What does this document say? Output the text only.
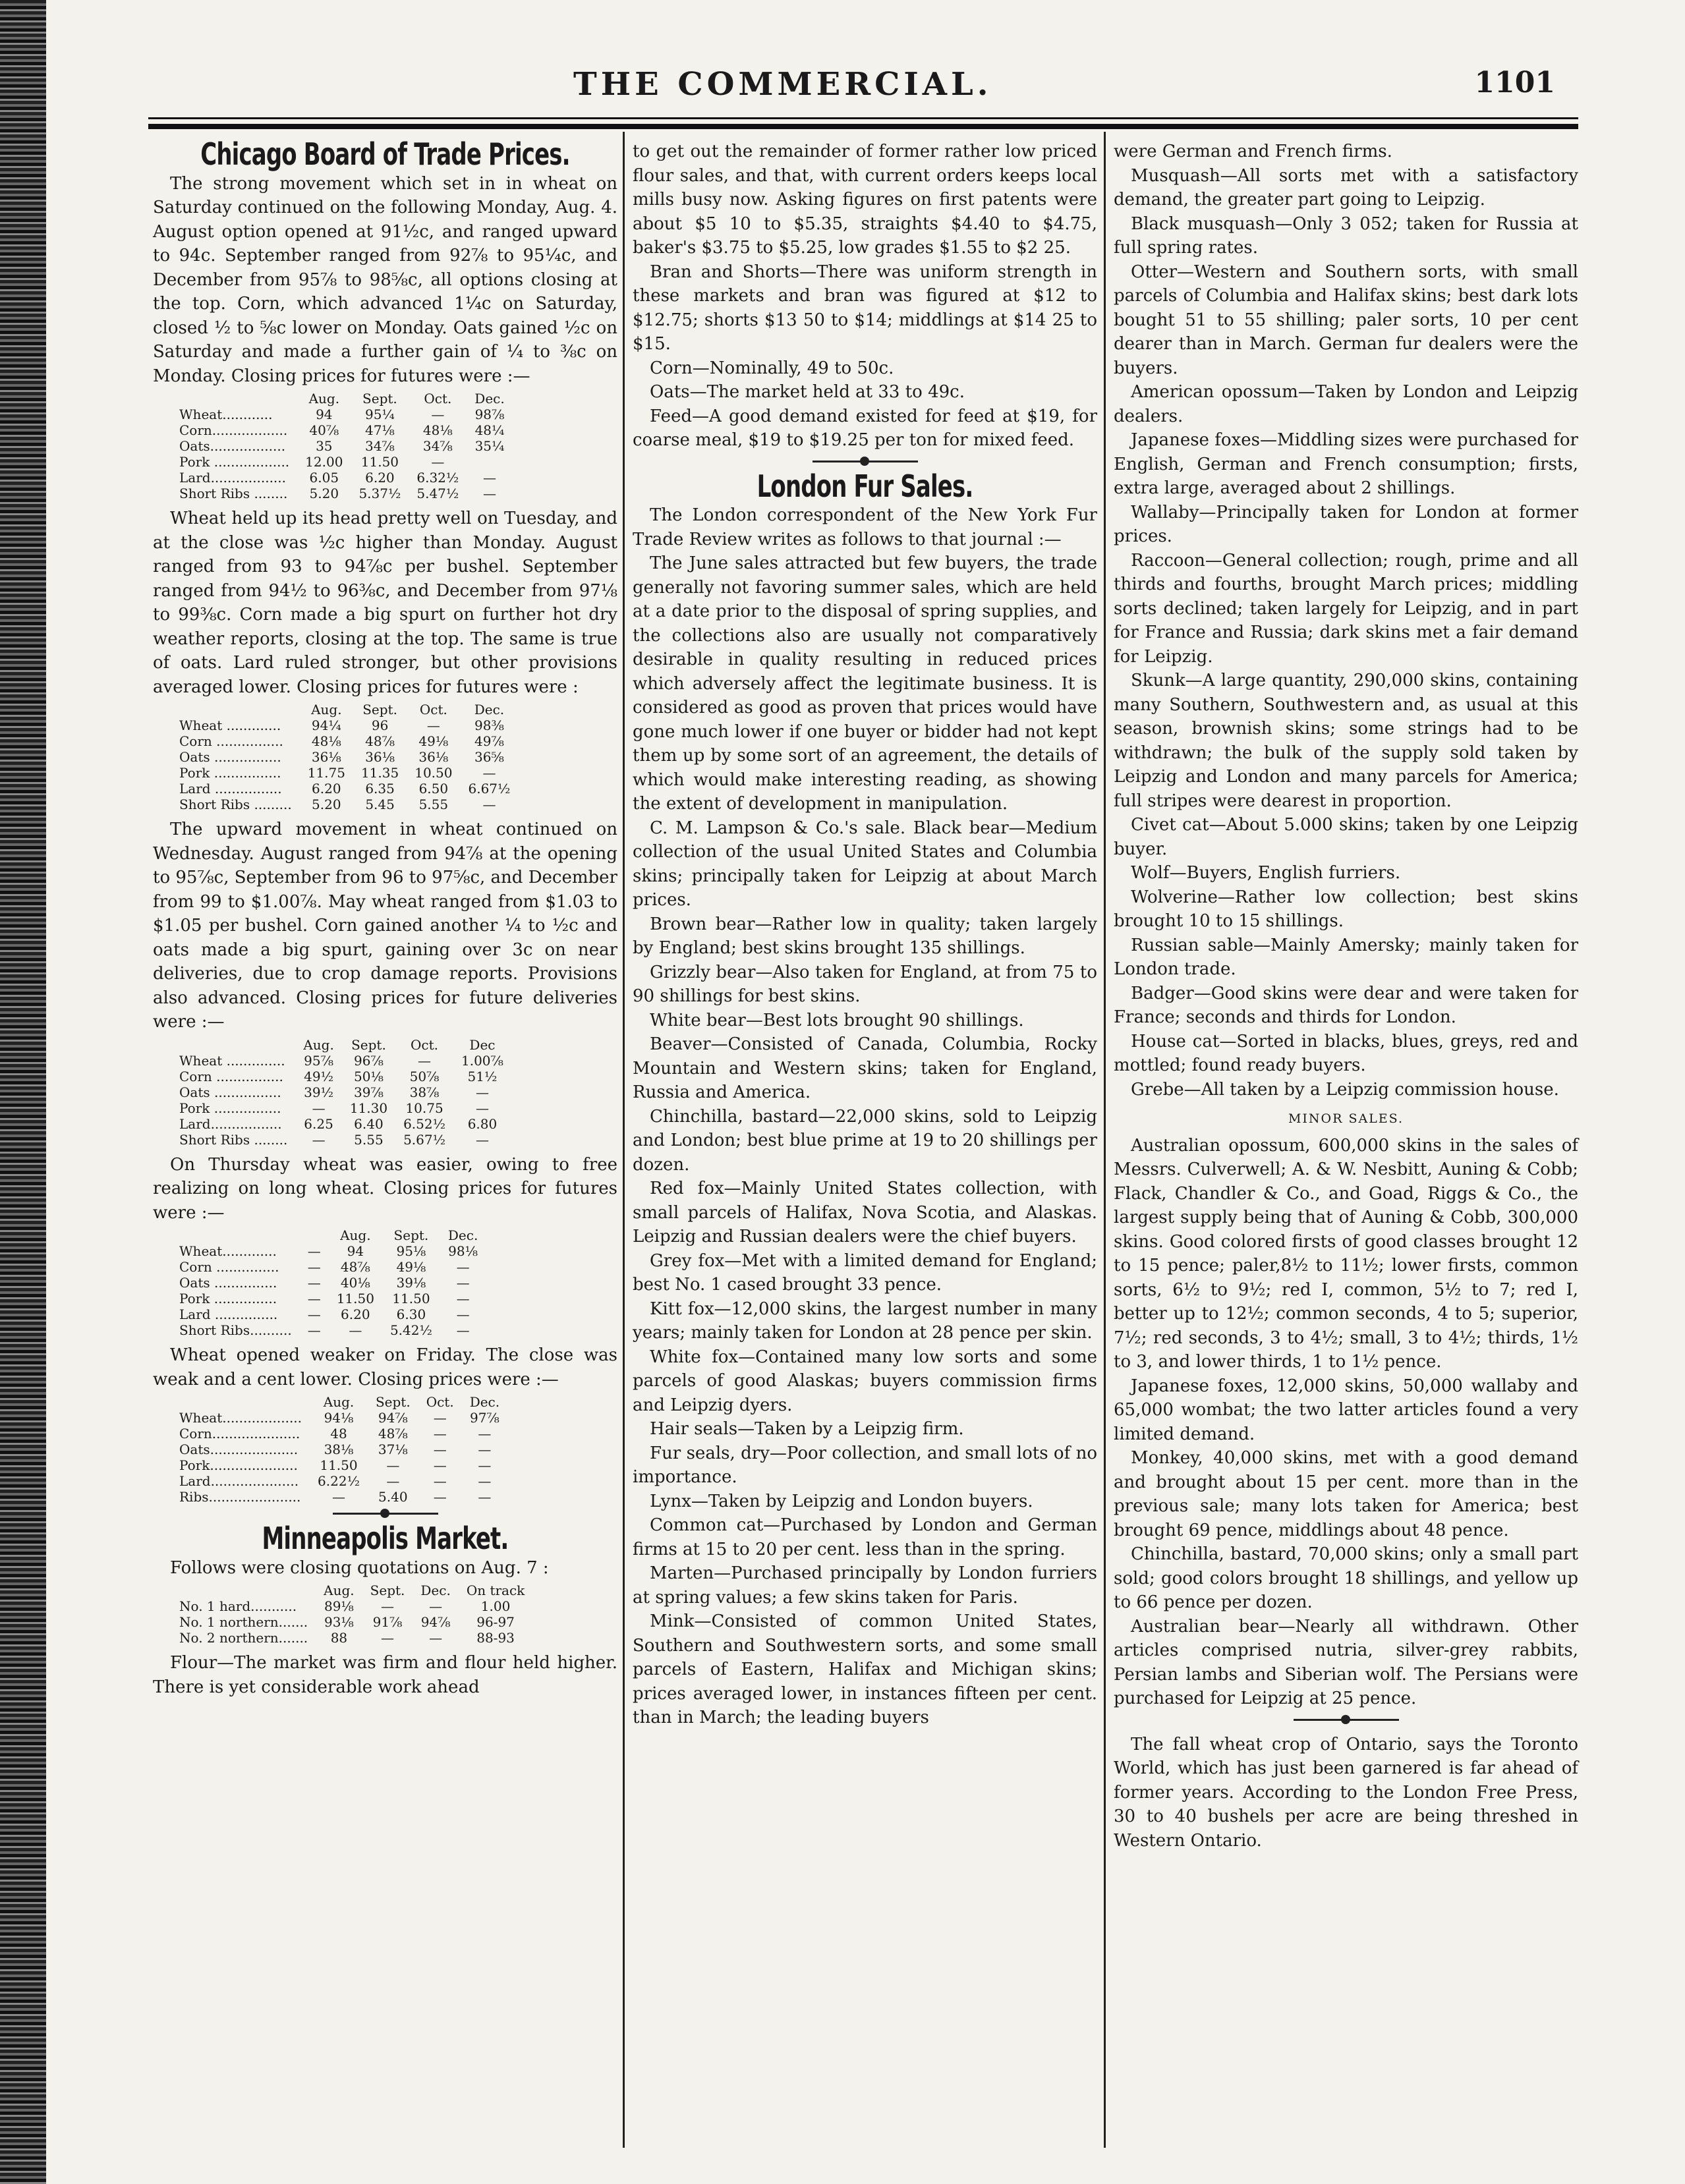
THE COMMERCIAL.	1101
Chicago Board of Trade Prices.

The strong movement which set in in wheat on Saturday continued on the following Monday, Aug. 4. August option opened at 91½c, and ranged upward to 94c. September ranged from 92⅞ to 95¼c, and December from 95⅞ to 98⅝c, all options closing at the top. Corn, which advanced 1¼c on Saturday, closed ½ to ⅝c lower on Monday. Oats gained ½c on Saturday and made a further gain of ¼ to ⅜c on Monday. Closing prices for futures were :—

	Aug.	Sept.	Oct.	Dec.
Wheat............	94	95¼	—	98⅞
Corn..................	40⅞	47⅛	48⅛	48¼
Oats..................	35	34⅞	34⅞	35¼
Pork ..................	12.00	11.50	—	
Lard..................	6.05	6.20	6.32½	—
Short Ribs ........	5.20	5.37½	5.47½	—

Wheat held up its head pretty well on Tuesday, and at the close was ½c higher than Monday. August ranged from 93 to 94⅞c per bushel. September ranged from 94½ to 96⅜c, and December from 97⅛ to 99⅜c. Corn made a big spurt on further hot dry weather reports, closing at the top. The same is true of oats. Lard ruled stronger, but other provisions averaged lower. Closing prices for futures were :

	Aug.	Sept.	Oct.	Dec.
Wheat .............	94¼	96	—	98⅜
Corn ................	48⅛	48⅞	49⅛	49⅞
Oats ................	36⅛	36⅛	36⅛	36⅝
Pork ................	11.75	11.35	10.50	—
Lard ................	6.20	6.35	6.50	6.67½
Short Ribs .........	5.20	5.45	5.55	—

The upward movement in wheat continued on Wednesday. August ranged from 94⅞ at the opening to 95⅞c, September from 96 to 97⅝c, and December from 99 to $1.00⅞. May wheat ranged from $1.03 to $1.05 per bushel. Corn gained another ¼ to ½c and oats made a big spurt, gaining over 3c on near deliveries, due to crop damage reports. Provisions also advanced. Closing prices for future deliveries were :—

	Aug.	Sept.	Oct.	Dec
Wheat ..............	95⅞	96⅞	—	1.00⅞
Corn ................	49½	50⅛	50⅞	51½
Oats ................	39½	39⅞	38⅞	—
Pork ................	—	11.30	10.75	—
Lard.................	6.25	6.40	6.52½	6.80
Short Ribs ........	—	5.55	5.67½	—

On Thursday wheat was easier, owing to free realizing on long wheat. Closing prices for futures were :—

		Aug.	Sept.	Dec.
Wheat.............	—	94	95⅛	98⅛
Corn ...............	—	48⅞	49⅛	—
Oats ...............	—	40⅛	39⅛	—
Pork ...............	—	11.50	11.50	—
Lard ...............	—	6.20	6.30	—
Short Ribs..........	—	—	5.42½	—

Wheat opened weaker on Friday. The close was weak and a cent lower. Closing prices were :—

	Aug.	Sept.	Oct.	Dec.
Wheat...................	94⅛	94⅞	—	97⅞
Corn.....................	48	48⅞	—	—
Oats.....................	38⅛	37⅛	—	—
Pork.....................	11.50	—	—	—
Lard.....................	6.22½	—	—	—
Ribs......................	—	5.40	—	—
Minneapolis Market.

Follows were closing quotations on Aug. 7 :

	Aug.	Sept.	Dec.	On track
No. 1 hard...........	89⅛	—	—	1.00
No. 1 northern.......	93⅛	91⅞	94⅞	96-97
No. 2 northern.......	88	—	—	88-93

Flour—The market was firm and flour held higher. There is yet considerable work ahead

to get out the remainder of former rather low priced flour sales, and that, with current orders keeps local mills busy now. Asking figures on first patents were about $5 10 to $5.35, straights $4.40 to $4.75, baker's $3.75 to $5.25, low grades $1.55 to $2 25.

Bran and Shorts—There was uniform strength in these markets and bran was figured at $12 to $12.75; shorts $13 50 to $14; middlings at $14 25 to $15.

Corn—Nominally, 49 to 50c.

Oats—The market held at 33 to 49c.

Feed—A good demand existed for feed at $19, for coarse meal, $19 to $19.25 per ton for mixed feed.

London Fur Sales.

The London correspondent of the New York Fur Trade Review writes as follows to that journal :—

The June sales attracted but few buyers, the trade generally not favoring summer sales, which are held at a date prior to the disposal of spring supplies, and the collections also are usually not comparatively desirable in quality resulting in reduced prices which adversely affect the legitimate business. It is considered as good as proven that prices would have gone much lower if one buyer or bidder had not kept them up by some sort of an agreement, the details of which would make interesting reading, as showing the extent of development in manipulation.

C. M. Lampson & Co.'s sale. Black bear—Medium collection of the usual United States and Columbia skins; principally taken for Leipzig at about March prices.

Brown bear—Rather low in quality; taken largely by England; best skins brought 135 shillings.

Grizzly bear—Also taken for England, at from 75 to 90 shillings for best skins.

White bear—Best lots brought 90 shillings.

Beaver—Consisted of Canada, Columbia, Rocky Mountain and Western skins; taken for England, Russia and America.

Chinchilla, bastard—22,000 skins, sold to Leipzig and London; best blue prime at 19 to 20 shillings per dozen.

Red fox—Mainly United States collection, with small parcels of Halifax, Nova Scotia, and Alaskas. Leipzig and Russian dealers were the chief buyers.

Grey fox—Met with a limited demand for England; best No. 1 cased brought 33 pence.

Kitt fox—12,000 skins, the largest number in many years; mainly taken for London at 28 pence per skin.

White fox—Contained many low sorts and some parcels of good Alaskas; buyers commission firms and Leipzig dyers.

Hair seals—Taken by a Leipzig firm.

Fur seals, dry—Poor collection, and small lots of no importance.

Lynx—Taken by Leipzig and London buyers.

Common cat—Purchased by London and German firms at 15 to 20 per cent. less than in the spring.

Marten—Purchased principally by London furriers at spring values; a few skins taken for Paris.

Mink—Consisted of common United States, Southern and Southwestern sorts, and some small parcels of Eastern, Halifax and Michigan skins; prices averaged lower, in instances fifteen per cent. than in March; the leading buyers

were German and French firms.

Musquash—All sorts met with a satisfactory demand, the greater part going to Leipzig.

Black musquash—Only 3 052; taken for Russia at full spring rates.

Otter—Western and Southern sorts, with small parcels of Columbia and Halifax skins; best dark lots bought 51 to 55 shilling; paler sorts, 10 per cent dearer than in March. German fur dealers were the buyers.

American opossum—Taken by London and Leipzig dealers.

Japanese foxes—Middling sizes were purchased for English, German and French consumption; firsts, extra large, averaged about 2 shillings.

Wallaby—Principally taken for London at former prices.

Raccoon—General collection; rough, prime and all thirds and fourths, brought March prices; middling sorts declined; taken largely for Leipzig, and in part for France and Russia; dark skins met a fair demand for Leipzig.

Skunk—A large quantity, 290,000 skins, containing many Southern, Southwestern and, as usual at this season, brownish skins; some strings had to be withdrawn; the bulk of the supply sold taken by Leipzig and London and many parcels for America; full stripes were dearest in proportion.

Civet cat—About 5.000 skins; taken by one Leipzig buyer.

Wolf—Buyers, English furriers.

Wolverine—Rather low collection; best skins brought 10 to 15 shillings.

Russian sable—Mainly Amersky; mainly taken for London trade.

Badger—Good skins were dear and were taken for France; seconds and thirds for London.

House cat—Sorted in blacks, blues, greys, red and mottled; found ready buyers.

Grebe—All taken by a Leipzig commission house.

MINOR SALES.

Australian opossum, 600,000 skins in the sales of Messrs. Culverwell; A. & W. Nesbitt, Auning & Cobb; Flack, Chandler & Co., and Goad, Riggs & Co., the largest supply being that of Auning & Cobb, 300,000 skins. Good colored firsts of good classes brought 12 to 15 pence; paler,8½ to 11½; lower firsts, common sorts, 6½ to 9½; red I, common, 5½ to 7; red I, better up to 12½; common seconds, 4 to 5; superior, 7½; red seconds, 3 to 4½; small, 3 to 4½; thirds, 1½ to 3, and lower thirds, 1 to 1½ pence.

Japanese foxes, 12,000 skins, 50,000 wallaby and 65,000 wombat; the two latter articles found a very limited demand.

Monkey, 40,000 skins, met with a good demand and brought about 15 per cent. more than in the previous sale; many lots taken for America; best brought 69 pence, middlings about 48 pence.

Chinchilla, bastard, 70,000 skins; only a small part sold; good colors brought 18 shillings, and yellow up to 66 pence per dozen.

Australian bear—Nearly all withdrawn. Other articles comprised nutria, silver-grey rabbits, Persian lambs and Siberian wolf. The Persians were purchased for Leipzig at 25 pence.

The fall wheat crop of Ontario, says the Toronto World, which has just been garnered is far ahead of former years. According to the London Free Press, 30 to 40 bushels per acre are being threshed in Western Ontario.
